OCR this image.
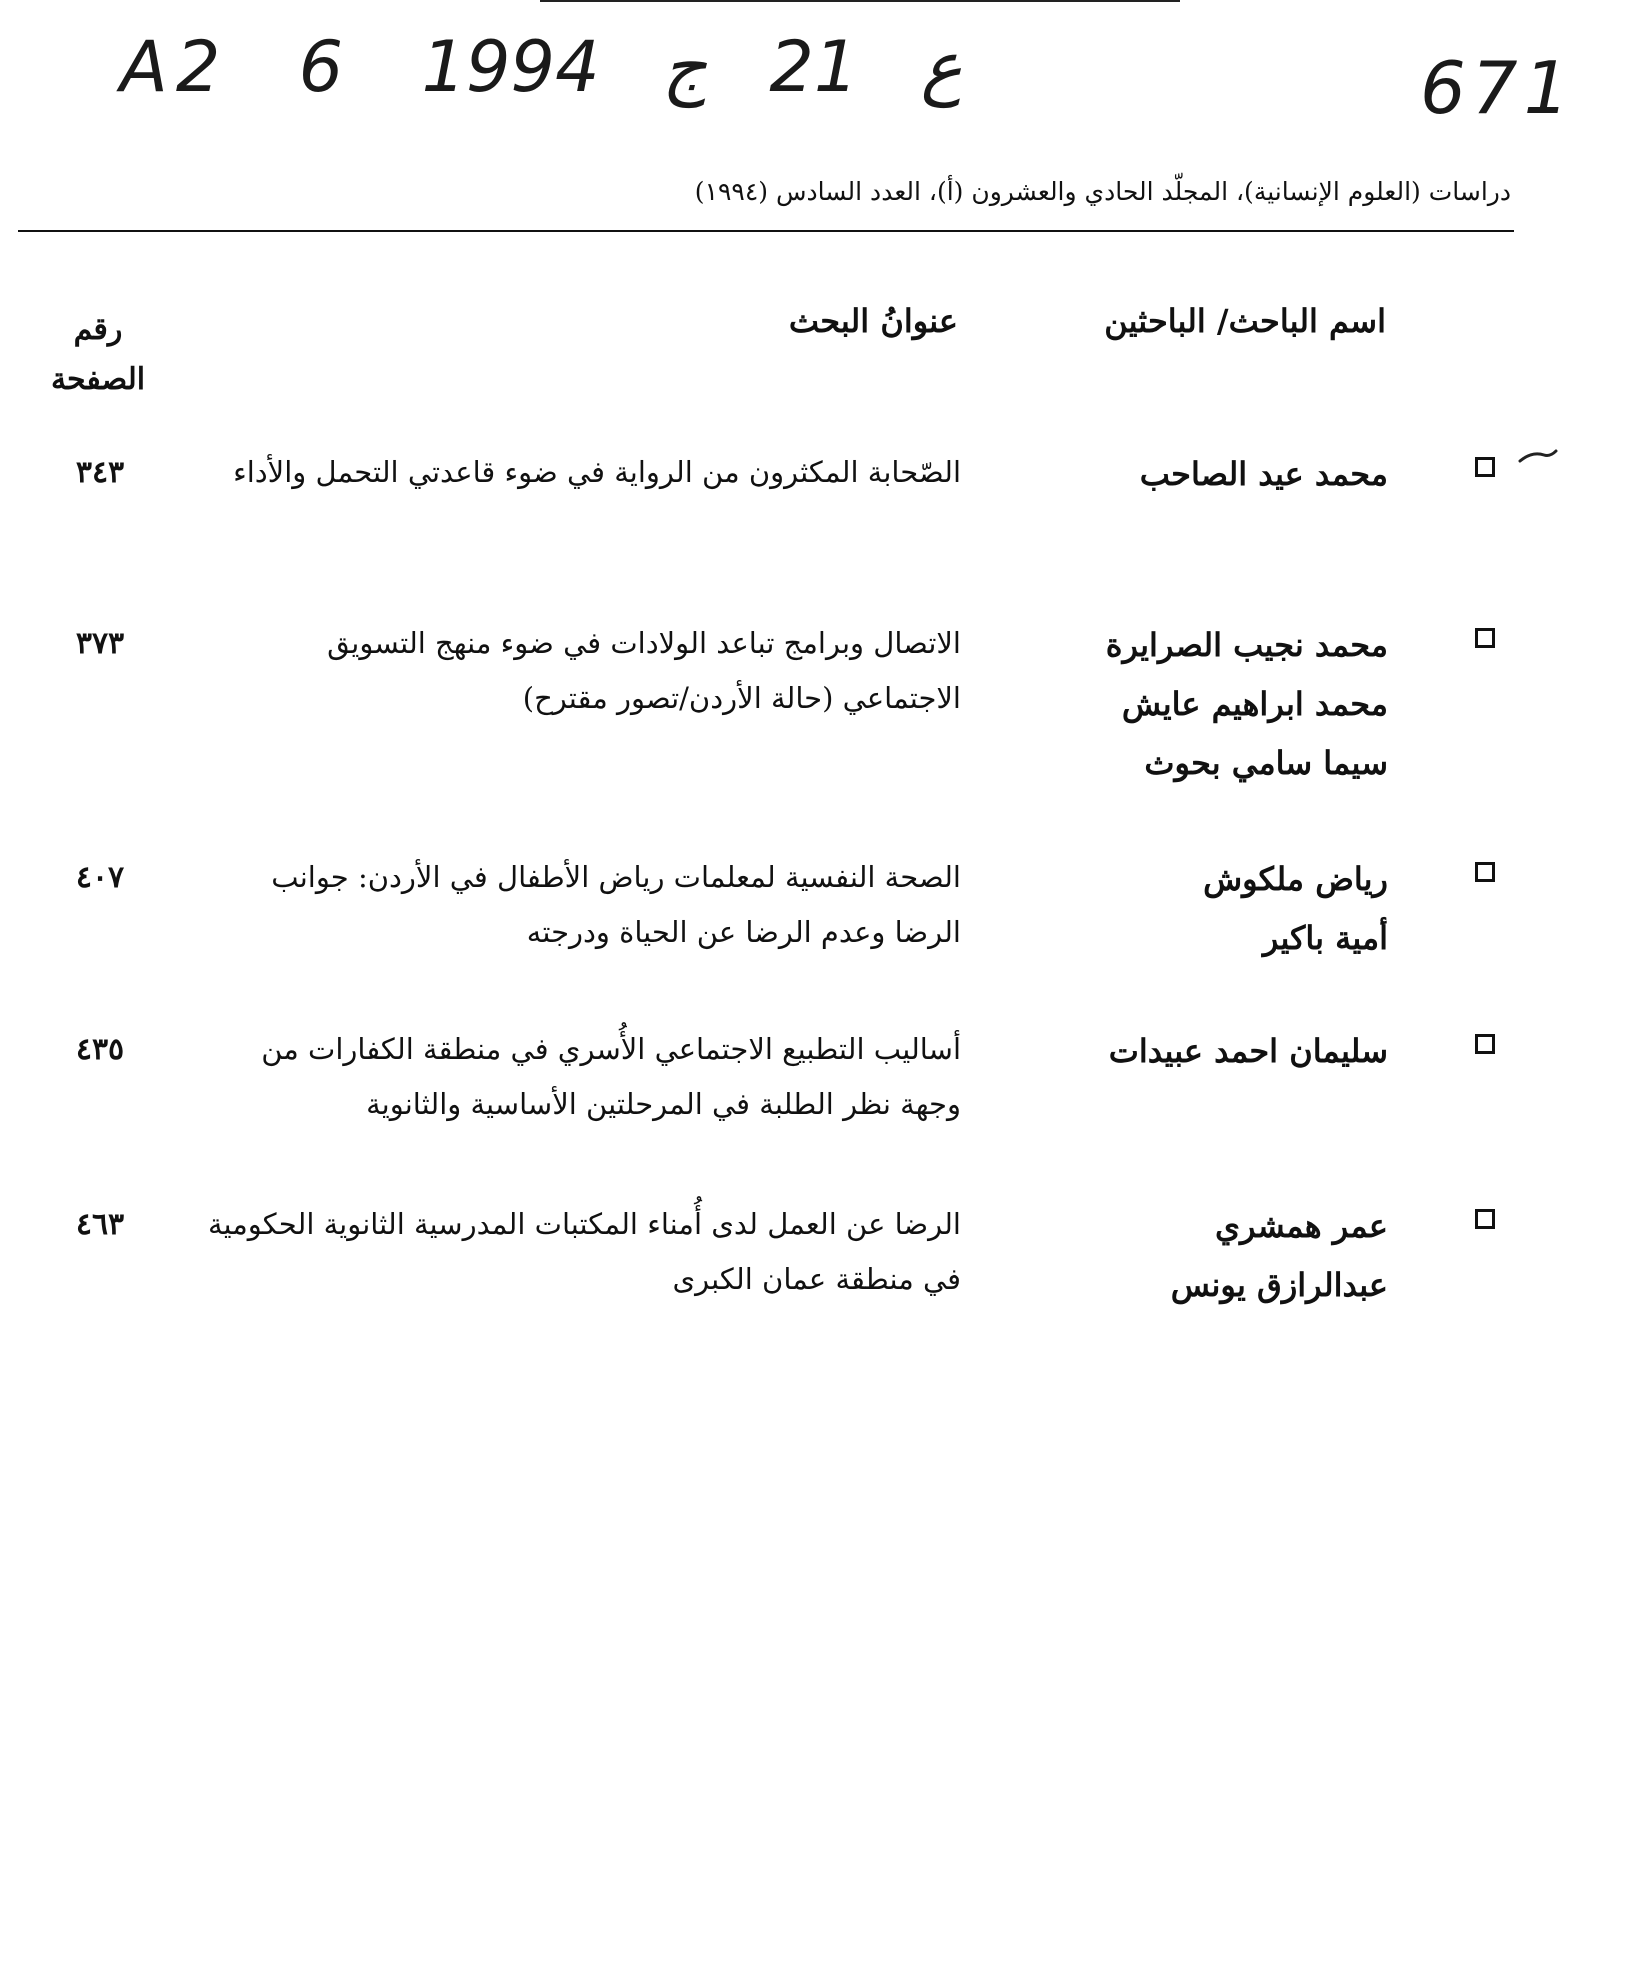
A2 6 ع 21 ج 1994	671
دراسات (العلوم الإنسانية)، المجلّد الحادي والعشرون (أ)، العدد السادس (١٩٩٤)
اسم الباحث/ الباحثين
عنوانُ البحث
رقم الصفحة
محمد عيد الصاحب
الصّحابة المكثرون من الرواية في ضوء قاعدتي التحمل والأداء
٣٤٣
محمد نجيب الصرايرة
محمد ابراهيم عايش
سيما سامي بحوث
الاتصال وبرامج تباعد الولادات في ضوء منهج التسويق الاجتماعي (حالة الأردن/تصور مقترح)
٣٧٣
رياض ملكوش
أمية باكير
الصحة النفسية لمعلمات رياض الأطفال في الأردن: جوانب الرضا وعدم الرضا عن الحياة ودرجته
٤٠٧
سليمان احمد عبيدات
أساليب التطبيع الاجتماعي الأُسري في منطقة الكفارات من وجهة نظر الطلبة في المرحلتين الأساسية والثانوية
٤٣٥
عمر همشري
عبدالرازق يونس
الرضا عن العمل لدى أُمناء المكتبات المدرسية الثانوية الحكومية في منطقة عمان الكبرى
٤٦٣
